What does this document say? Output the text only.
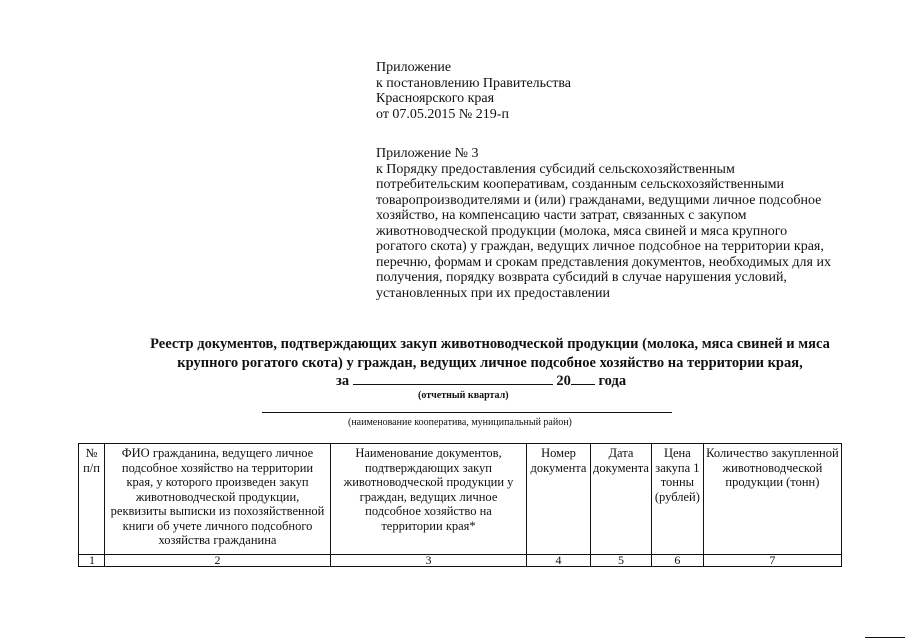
Приложение
к постановлению Правительства
Красноярского края
от 07.05.2015 № 219-п
Приложение № 3
к Порядку предоставления субсидий сельскохозяйственным
потребительским кооперативам, созданным сельскохозяйственными
товаропроизводителями и (или) гражданами, ведущими личное подсобное
хозяйство, на компенсацию части затрат, связанных с закупом
животноводческой продукции (молока, мяса свиней и мяса крупного
рогатого скота) у граждан, ведущих личное подсобное на территории края,
перечню, формам и срокам представления документов, необходимых для их
получения, порядку возврата субсидий в случае нарушения условий,
установленных при их предоставлении
Реестр документов, подтверждающих закуп животноводческой продукции (молока, мяса свиней и мяса
крупного рогатого скота) у граждан, ведущих личное подсобное хозяйство на территории края,
за	20 года
(отчетный квартал)
(наименование кооператива, муниципальный район)
№ п/п	ФИО гражданина, ведущего личное подсобное хозяйство на территории края, у которого произведен закуп животноводческой продукции, реквизиты выписки из похозяйственной книги об учете личного подсобного хозяйства гражданина	Наименование документов, подтверждающих закуп животноводческой продукции у граждан, ведущих личное подсобное хозяйство на территории края*	Номер документа	Дата документа	Цена закупа 1 тонны (рублей)	Количество закупленной животноводческой продукции (тонн)
1	2	3	4	5	6	7
